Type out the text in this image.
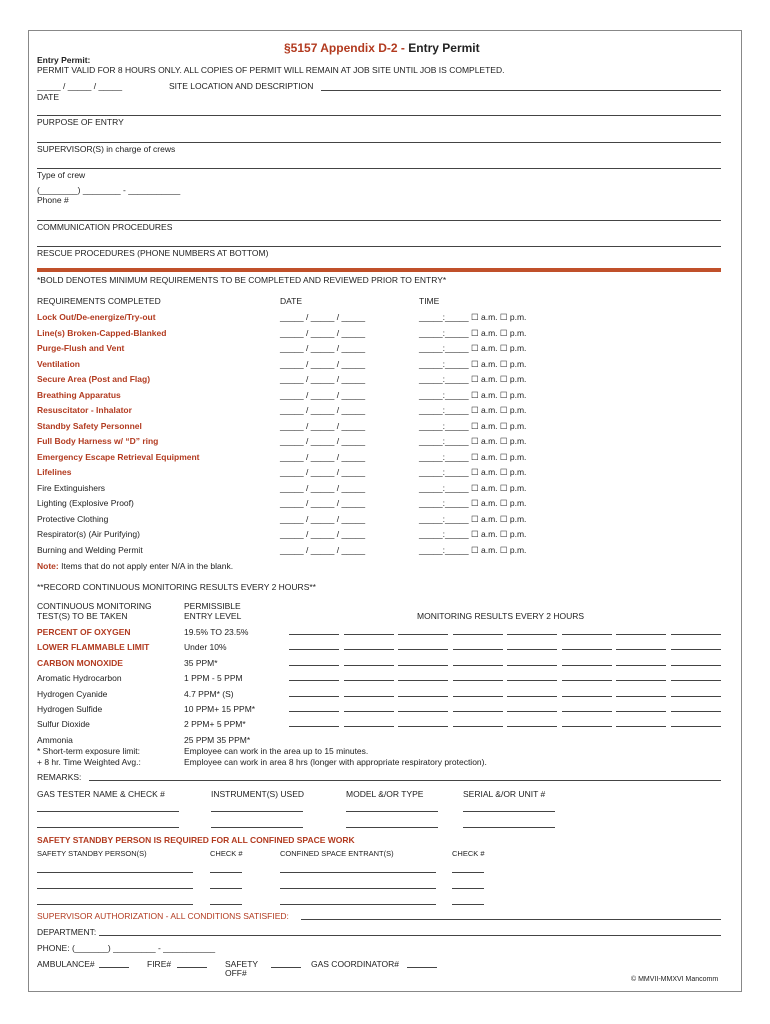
§5157 Appendix D-2 - Entry Permit
Entry Permit:
PERMIT VALID FOR 8 HOURS ONLY. ALL COPIES OF PERMIT WILL REMAIN AT JOB SITE UNTIL JOB IS COMPLETED.
_____ / _____ / _____
DATE
SITE LOCATION AND DESCRIPTION
PURPOSE OF ENTRY
SUPERVISOR(S) in charge of crews
Type of crew
(________) ________ - ___________
Phone #
COMMUNICATION PROCEDURES
RESCUE PROCEDURES (PHONE NUMBERS AT BOTTOM)
*BOLD DENOTES MINIMUM REQUIREMENTS TO BE COMPLETED AND REVIEWED PRIOR TO ENTRY*
REQUIREMENTS COMPLETED	DATE	TIME
Lock Out/De-energize/Try-out	_____ / _____ / _____	_____:_____ ☐ a.m. ☐ p.m.
Line(s) Broken-Capped-Blanked	_____ / _____ / _____	_____:_____ ☐ a.m. ☐ p.m.
Purge-Flush and Vent	_____ / _____ / _____	_____:_____ ☐ a.m. ☐ p.m.
Ventilation	_____ / _____ / _____	_____:_____ ☐ a.m. ☐ p.m.
Secure Area (Post and Flag)	_____ / _____ / _____	_____:_____ ☐ a.m. ☐ p.m.
Breathing Apparatus	_____ / _____ / _____	_____:_____ ☐ a.m. ☐ p.m.
Resuscitator - Inhalator	_____ / _____ / _____	_____:_____ ☐ a.m. ☐ p.m.
Standby Safety Personnel	_____ / _____ / _____	_____:_____ ☐ a.m. ☐ p.m.
Full Body Harness w/ “D” ring	_____ / _____ / _____	_____:_____ ☐ a.m. ☐ p.m.
Emergency Escape Retrieval Equipment	_____ / _____ / _____	_____:_____ ☐ a.m. ☐ p.m.
Lifelines	_____ / _____ / _____	_____:_____ ☐ a.m. ☐ p.m.
Fire Extinguishers	_____ / _____ / _____	_____:_____ ☐ a.m. ☐ p.m.
Lighting (Explosive Proof)	_____ / _____ / _____	_____:_____ ☐ a.m. ☐ p.m.
Protective Clothing	_____ / _____ / _____	_____:_____ ☐ a.m. ☐ p.m.
Respirator(s) (Air Purifying)	_____ / _____ / _____	_____:_____ ☐ a.m. ☐ p.m.
Burning and Welding Permit	_____ / _____ / _____	_____:_____ ☐ a.m. ☐ p.m.
Note: Items that do not apply enter N/A in the blank.
**RECORD CONTINUOUS MONITORING RESULTS EVERY 2 HOURS**
CONTINUOUS MONITORING
TEST(S) TO BE TAKEN
PERMISSIBLE
ENTRY LEVEL	MONITORING RESULTS EVERY 2 HOURS
PERCENT OF OXYGEN	19.5% TO 23.5%
LOWER FLAMMABLE LIMIT	Under 10%
CARBON MONOXIDE	35 PPM*
Aromatic Hydrocarbon	1 PPM - 5 PPM
Hydrogen Cyanide	4.7 PPM* (S)
Hydrogen Sulfide	10 PPM+ 15 PPM*
Sulfur Dioxide	2 PPM+ 5 PPM*
Ammonia	25 PPM 35 PPM*
* Short-term exposure limit:	Employee can work in the area up to 15 minutes.
+ 8 hr. Time Weighted Avg.:	Employee can work in area 8 hrs (longer with appropriate respiratory protection).
REMARKS:
GAS TESTER NAME & CHECK #	INSTRUMENT(S) USED	MODEL &/OR TYPE	SERIAL &/OR UNIT #
SAFETY STANDBY PERSON IS REQUIRED FOR ALL CONFINED SPACE WORK
SAFETY STANDBY PERSON(S)	CHECK #	CONFINED SPACE ENTRANT(S)	CHECK #
SUPERVISOR AUTHORIZATION - ALL CONDITIONS SATISFIED:
DEPARTMENT:
PHONE: (_______) _________ - ___________
AMBULANCE#	FIRE#	SAFETY
OFF#
GAS COORDINATOR#
© MMVII-MMXVI Mancomm
